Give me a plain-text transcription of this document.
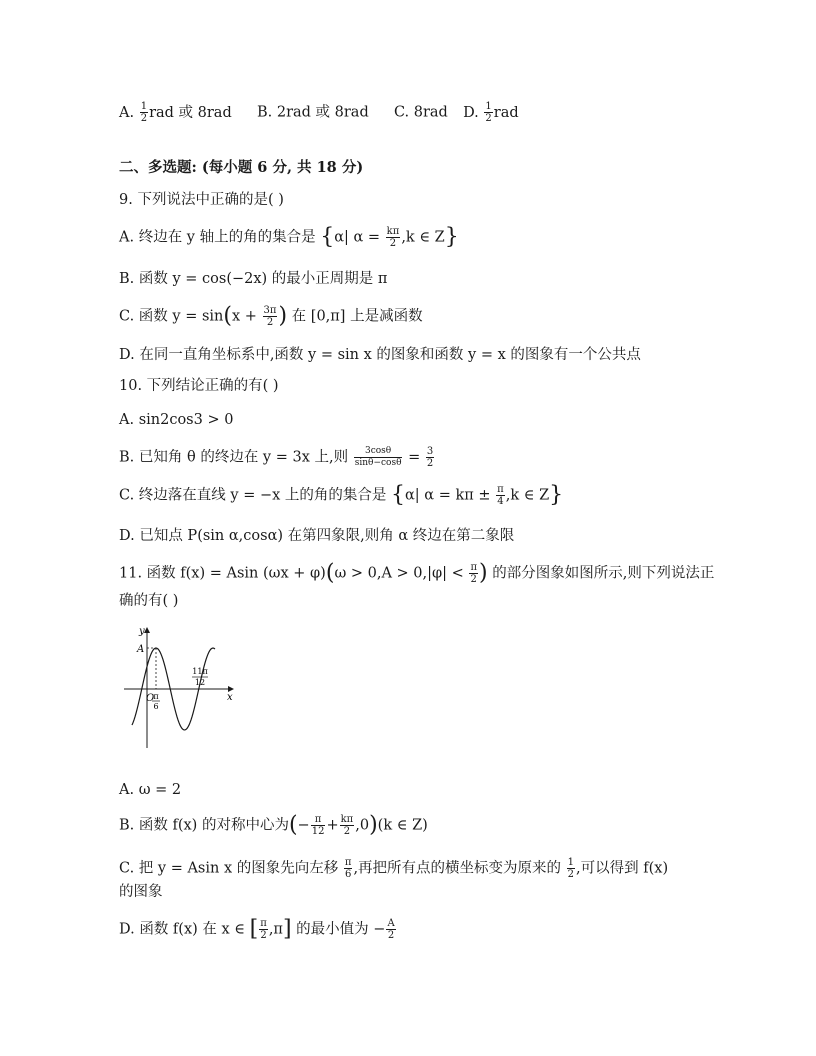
A. $\frac{1}{2}$ rad 或 8rad B. 2rad 或 8rad C. 8rad D. $\frac{1}{2}$ rad
二、多选题: (每小题 6 分, 共 18 分)
9. 下列说法中正确的是( )
A. 终边在 y 轴上的角的集合是 {α| $\alpha = \frac{k\pi}{2} ,k$ ∈ Z}
B. 函数 y = cos(−2x) 的最小正周期是 π
C. 函数 $y = \sin(x + \frac{3\pi}{2}$ ) 在 [0,π] 上是减函数
D. 在同一直角坐标系中,函数 y = sin x 的图象和函数 y = x 的图象有一个公共点
10. 下列结论正确的有( )
A. sin2cos3 > 0
B. 已知角 θ 的终边在 y = 3x 上,则 $\frac{3\cos\theta}{\sin\theta-\cos\theta} = \frac{3}{2}$
C. 终边落在直线 y = −x 上的角的集合是 {α| $\alpha = k\pi \pm \frac{\pi}{4} ,k$ ∈ Z}
D. 已知点 P(sin α,cosα) 在第四象限,则角 α 终边在第二象限
11. 函数 f(x) = Asin $(\omega x + \varphi)(\omega > 0,A > 0,|\varphi| < \frac{\pi}{2}$ ) 的部分图象如图所示,则下列说法正
确的有( )
y
A
O	x
π
6
11π
12
A. ω = 2
B. 函数 f(x) 的对称中心为(− $\frac{\pi}{12} + \frac{k\pi}{2} ,0)(k$ ∈ Z)
C. 把 y = Asin x 的图象先向左移 $\frac{\pi}{6}$ ,再把所有点的横坐标变为原来的 $\frac{1}{2}$ ,可以得到 f(x)
的图象
D. 函数 f(x) 在 x ∈ [ $\frac{\pi}{2} ,\pi$] 的最小值为 − $\frac{A}{2}$
